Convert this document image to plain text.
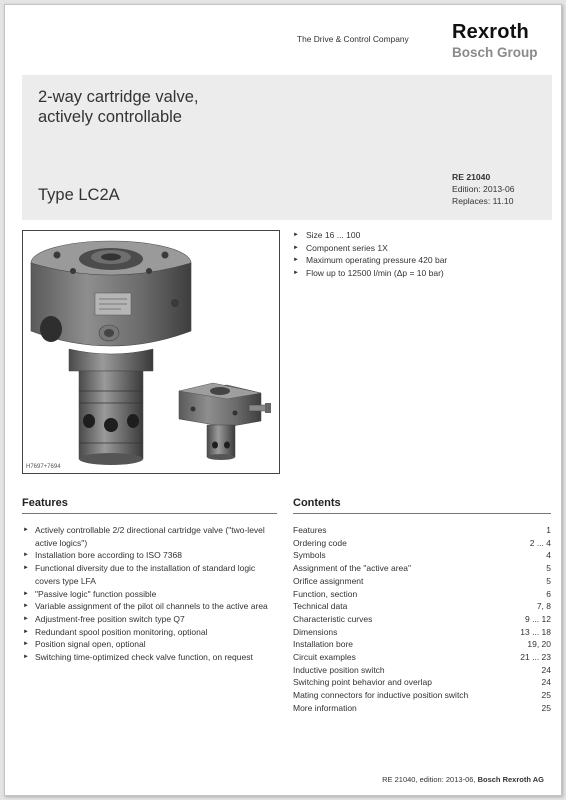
The Drive & Control Company Rexroth
Bosch Group
2-way cartridge valve,
actively controllable
Type LC2A
RE 21040
Edition: 2013-06
Replaces: 11.10
H7697+7694
► Size 16 ... 100
► Component series 1X
► Maximum operating pressure 420 bar
► Flow up to 12500 l/min (Δp = 10 bar)
Features
► Actively controllable 2/2 directional cartridge valve ("two-level active logics")
► Installation bore according to ISO 7368
► Functional diversity due to the installation of standard logic covers type LFA
► "Passive logic" function possible
► Variable assignment of the pilot oil channels to the active area
► Adjustment-free position switch type Q7
► Redundant spool position monitoring, optional
► Position signal open, optional
► Switching time-optimized check valve function, on request
Contents
Features	1
Ordering code	2 ... 4
Symbols	4
Assignment of the "active area"	5
Orifice assignment	5
Function, section	6
Technical data	7, 8
Characteristic curves	9 ... 12
Dimensions	13 ... 18
Installation bore	19, 20
Circuit examples	21 ... 23
Inductive position switch	24
Switching point behavior and overlap	24
Mating connectors for inductive position switch	25
More information	25
RE 21040, edition: 2013-06, Bosch Rexroth AG
